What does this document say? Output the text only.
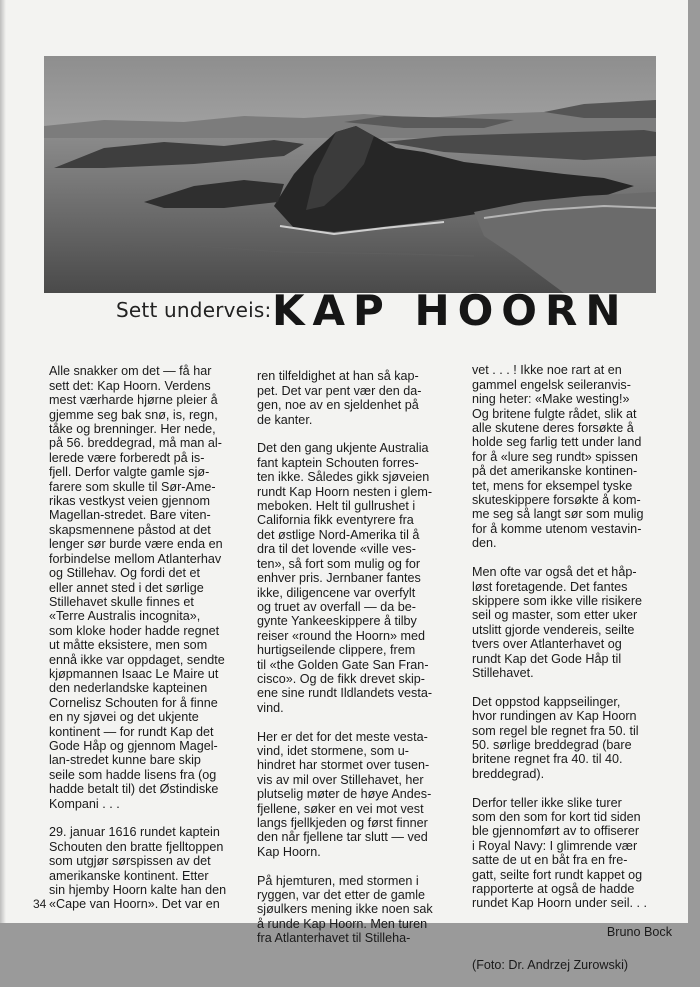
Sett underveis: KAP HOORN

Alle snakker om det — få har
sett det: Kap Hoorn. Verdens
mest værharde hjørne pleier å
gjemme seg bak snø, is, regn,
tåke og brenninger. Her nede,
på 56. breddegrad, må man al-
lerede være forberedt på is-
fjell. Derfor valgte gamle sjø-
farere som skulle til Sør-Ame-
rikas vestkyst veien gjennom
Magellan-stredet. Bare viten-
skapsmennene påstod at det
lenger sør burde være enda en
forbindelse mellom Atlanterhav
og Stillehav. Og fordi det et
eller annet sted i det sørlige
Stillehavet skulle finnes et
«Terre Australis incognita»,
som kloke hoder hadde regnet
ut måtte eksistere, men som
ennå ikke var oppdaget, sendte
kjøpmannen Isaac Le Maire ut
den nederlandske kapteinen
Cornelisz Schouten for å finne
en ny sjøvei og det ukjente
kontinent — for rundt Kap det
Gode Håp og gjennom Magel-
lan-stredet kunne bare skip
seile som hadde lisens fra (og
hadde betalt til) det Østindiske
Kompani . . .

29. januar 1616 rundet kaptein
Schouten den bratte fjelltoppen
som utgjør sørspissen av det
amerikanske kontinent. Etter
sin hjemby Hoorn kalte han den
«Cape van Hoorn». Det var en

ren tilfeldighet at han så kap-
pet. Det var pent vær den da-
gen, noe av en sjeldenhet på
de kanter.

Det den gang ukjente Australia
fant kaptein Schouten forres-
ten ikke. Således gikk sjøveien
rundt Kap Hoorn nesten i glem-
meboken. Helt til gullrushet i
California fikk eventyrere fra
det østlige Nord-Amerika til å
dra til det lovende «ville ves-
ten», så fort som mulig og for
enhver pris. Jernbaner fantes
ikke, diligencene var overfylt
og truet av overfall — da be-
gynte Yankeeskippere å tilby
reiser «round the Hoorn» med
hurtigseilende clippere, frem
til «the Golden Gate San Fran-
cisco». Og de fikk drevet skip-
ene sine rundt Ildlandets vesta-
vind.

Her er det for det meste vesta-
vind, idet stormene, som u-
hindret har stormet over tusen-
vis av mil over Stillehavet, her
plutselig møter de høye Andes-
fjellene, søker en vei mot vest
langs fjellkjeden og først finner
den når fjellene tar slutt — ved
Kap Hoorn.

På hjemturen, med stormen i
ryggen, var det etter de gamle
sjøulkers mening ikke noen sak
å runde Kap Hoorn. Men turen
fra Atlanterhavet til Stilleha-

vet . . . ! Ikke noe rart at en
gammel engelsk seileranvis-
ning heter: «Make westing!»
Og britene fulgte rådet, slik at
alle skutene deres forsøkte å
holde seg farlig tett under land
for å «lure seg rundt» spissen
på det amerikanske kontinen-
tet, mens for eksempel tyske
skuteskippere forsøkte å kom-
me seg så langt sør som mulig
for å komme utenom vestavin-
den.

Men ofte var også det et håp-
løst foretagende. Det fantes
skippere som ikke ville risikere
seil og master, som etter uker
utslitt gjorde vendereis, seilte
tvers over Atlanterhavet og
rundt Kap det Gode Håp til
Stillehavet.

Det oppstod kappseilinger,
hvor rundingen av Kap Hoorn
som regel ble regnet fra 50. til
50. sørlige breddegrad (bare
britene regnet fra 40. til 40.
breddegrad).

Derfor teller ikke slike turer
som den som for kort tid siden
ble gjennomført av to offiserer
i Royal Navy: I glimrende vær
satte de ut en båt fra en fre-
gatt, seilte fort rundt kappet og
rapporterte at også de hadde
rundet Kap Hoorn under seil. . .

Bruno Bock

(Foto: Dr. Andrzej Zurowski)

34
